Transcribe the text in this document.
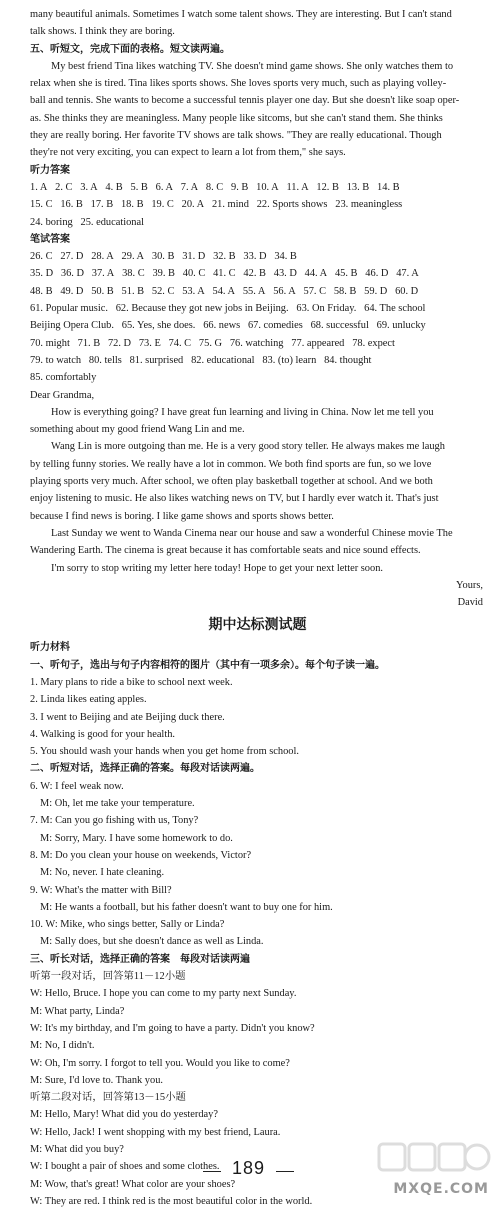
many beautiful animals. Sometimes I watch some talent shows. They are interesting. But I can't stand
talk shows. I think they are boring.
五、听短文，完成下面的表格。短文读两遍。
My best friend Tina likes watching TV. She doesn't mind game shows. She only watches them to
relax when she is tired. Tina likes sports shows. She loves sports very much, such as playing volley-
ball and tennis. She wants to become a successful tennis player one day. But she doesn't like soap oper-
as. She thinks they are meaningless. Many people like sitcoms, but she can't stand them. She thinks
they are really boring. Her favorite TV shows are talk shows. "They are really educational. Though
they're not very exciting, you can expect to learn a lot from them," she says.
听力答案
1. A  2. C  3. A  4. B  5. B  6. A  7. A  8. C  9. B  10. A  11. A  12. B  13. B  14. B
15. C  16. B  17. B  18. B  19. C  20. A  21. mind  22. Sports shows  23. meaningless
24. boring  25. educational
笔试答案
26. C  27. D  28. A  29. A  30. B  31. D  32. B  33. D  34. B
35. D  36. D  37. A  38. C  39. B  40. C  41. C  42. B  43. D  44. A  45. B  46. D  47. A
48. B  49. D  50. B  51. B  52. C  53. A  54. A  55. A  56. A  57. C  58. B  59. D  60. D
61. Popular music.  62. Because they got new jobs in Beijing.  63. On Friday.  64. The school
Beijing Opera Club.  65. Yes, she does.  66. news  67. comedies  68. successful  69. unlucky
70. might  71. B  72. D  73. E  74. C  75. G  76. watching  77. appeared  78. expect
79. to watch  80. tells  81. surprised  82. educational  83. (to) learn  84. thought
85. comfortably
Dear Grandma,
How is everything going? I have great fun learning and living in China. Now let me tell you
something about my good friend Wang Lin and me.
Wang Lin is more outgoing than me. He is a very good story teller. He always makes me laugh
by telling funny stories. We really have a lot in common. We both find sports are fun, so we love
playing sports very much. After school, we often play basketball together at school. And we both
enjoy listening to music. He also likes watching news on TV, but I hardly ever watch it. That's just
because I find news is boring. I like game shows and sports shows better.
Last Sunday we went to Wanda Cinema near our house and saw a wonderful Chinese movie The
Wandering Earth. The cinema is great because it has comfortable seats and nice sound effects.
I'm sorry to stop writing my letter here today! Hope to get your next letter soon.
Yours,
David
期中达标测试题
听力材料
一、听句子，选出与句子内容相符的图片（其中有一项多余）。每个句子读一遍。
1. Mary plans to ride a bike to school next week.
2. Linda likes eating apples.
3. I went to Beijing and ate Beijing duck there.
4. Walking is good for your health.
5. You should wash your hands when you get home from school.
二、听短对话，选择正确的答案。每段对话读两遍。
6. W: I feel weak now.
M: Oh, let me take your temperature.
7. M: Can you go fishing with us, Tony?
M: Sorry, Mary. I have some homework to do.
8. M: Do you clean your house on weekends, Victor?
M: No, never. I hate cleaning.
9. W: What's the matter with Bill?
M: He wants a football, but his father doesn't want to buy one for him.
10. W: Mike, who sings better, Sally or Linda?
M: Sally does, but she doesn't dance as well as Linda.
三、听长对话，选择正确的答案　每段对话读两遍
听第一段对话，回答第11－12小题
W: Hello, Bruce. I hope you can come to my party next Sunday.
M: What party, Linda?
W: It's my birthday, and I'm going to have a party. Didn't you know?
M: No, I didn't.
W: Oh, I'm sorry. I forgot to tell you. Would you like to come?
M: Sure, I'd love to. Thank you.
听第二段对话，回答第13－15小题
M: Hello, Mary! What did you do yesterday?
W: Hello, Jack! I went shopping with my best friend, Laura.
M: What did you buy?
W: I bought a pair of shoes and some clothes.
M: Wow, that's great! What color are your shoes?
W: They are red. I think red is the most beautiful color in the world.
189
MXQE.COM
